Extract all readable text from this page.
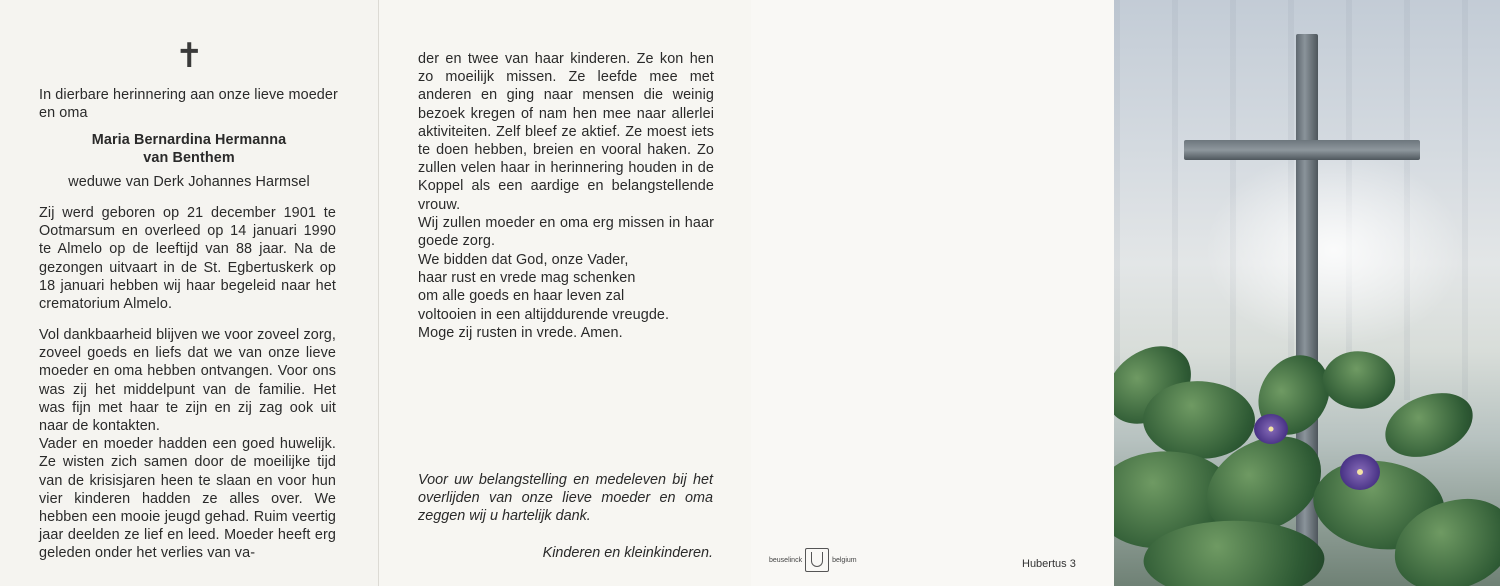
✝
In dierbare herinnering aan onze lieve moeder en oma
Maria Bernardina Hermanna
van Benthem
weduwe van Derk Johannes Harmsel
Zij werd geboren op 21 december 1901 te Ootmarsum en overleed op 14 januari 1990 te Almelo op de leeftijd van 88 jaar. Na de gezongen uitvaart in de St. Egbertuskerk op 18 januari hebben wij haar begeleid naar het crematorium Almelo.

Vol dankbaarheid blijven we voor zoveel zorg, zoveel goeds en liefs dat we van onze lieve moeder en oma hebben ontvangen. Voor ons was zij het middelpunt van de familie. Het was fijn met haar te zijn en zij zag ook uit naar de kontakten.

Vader en moeder hadden een goed huwelijk. Ze wisten zich samen door de moeilijke tijd van de krisisjaren heen te slaan en voor hun vier kinderen hadden ze alles over. We hebben een mooie jeugd gehad. Ruim veertig jaar deelden ze lief en leed. Moeder heeft erg geleden onder het verlies van va-

der en twee van haar kinderen. Ze kon hen zo moeilijk missen. Ze leefde mee met anderen en ging naar mensen die weinig bezoek kregen of nam hen mee naar allerlei aktiviteiten. Zelf bleef ze aktief. Ze moest iets te doen hebben, breien en vooral haken. Zo zullen velen haar in herinnering houden in de Koppel als een aardige en belangstellende vrouw.

Wij zullen moeder en oma erg missen in haar goede zorg.

We bidden dat God, onze Vader,
haar rust en vrede mag schenken
om alle goeds en haar leven zal
voltooien in een altijddurende vreugde.
Moge zij rusten in vrede. Amen.
Voor uw belangstelling en medeleven bij het overlijden van onze lieve moeder en oma zeggen wij u hartelijk dank.
Kinderen en kleinkinderen.	beuselinck	belgium	Hubertus 3
